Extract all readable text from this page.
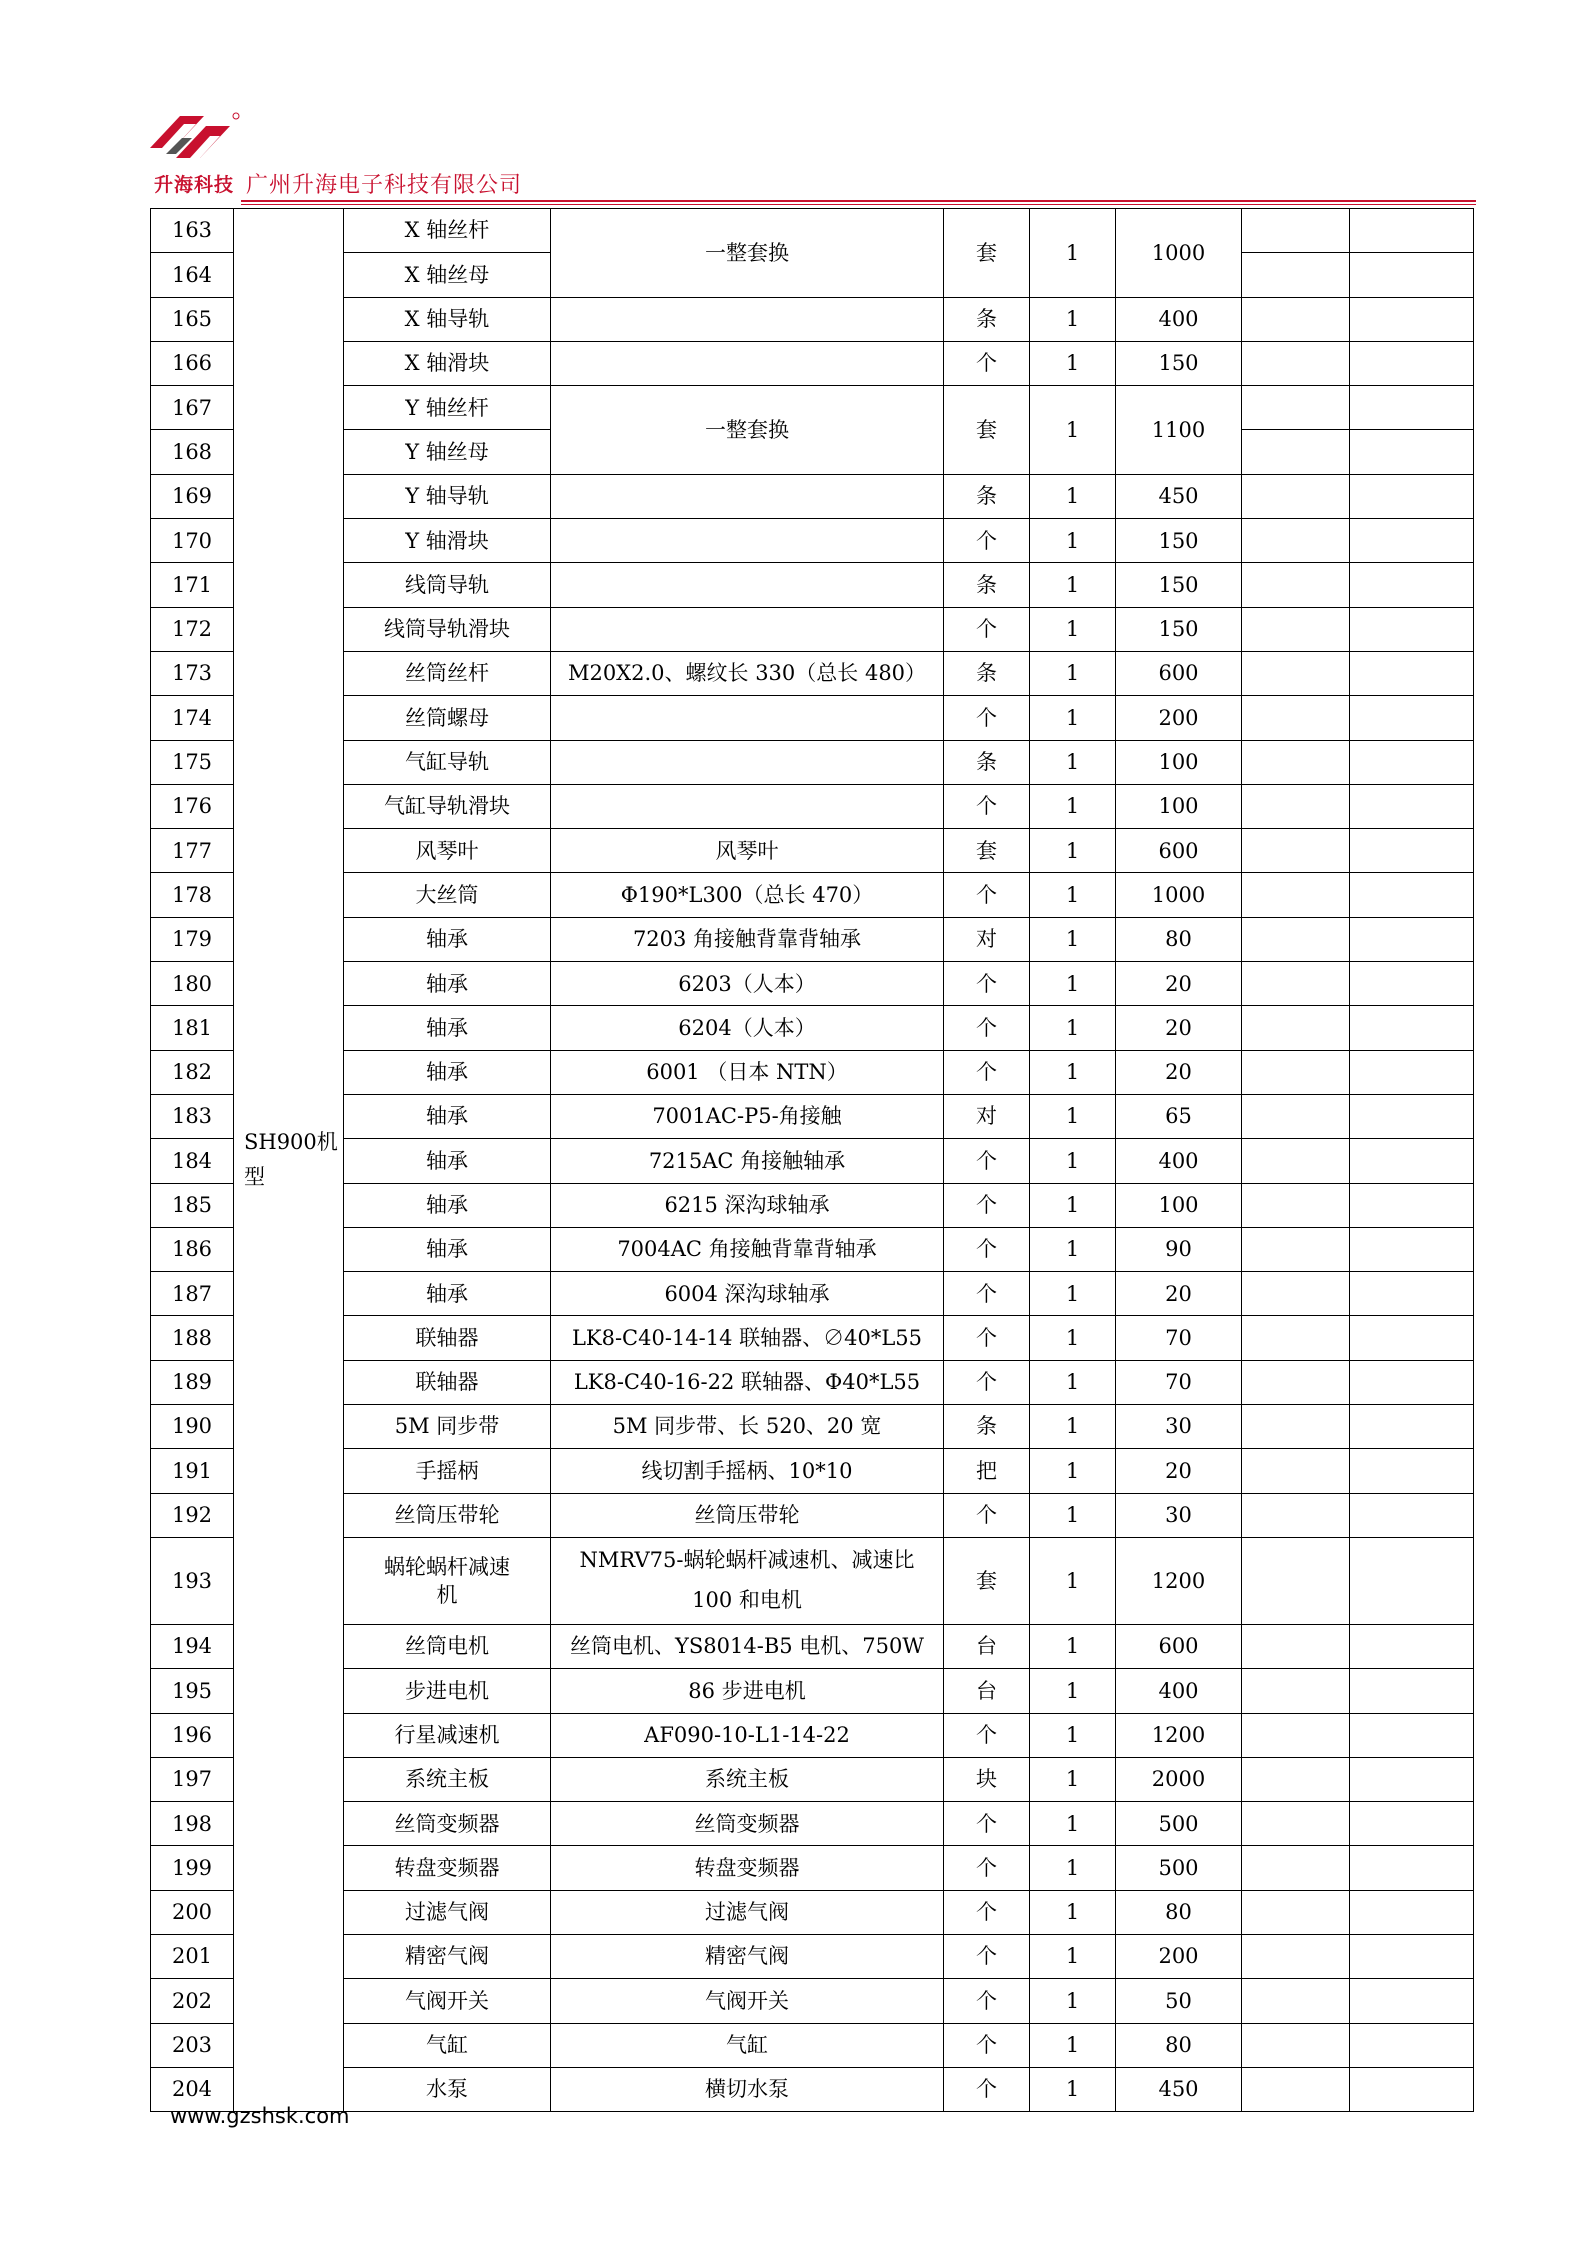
升海科技 广州升海电子科技有限公司
163	SH900机型	X 轴丝杆	一整套换	套	1	1000		
164		X 轴丝母						
165		X 轴导轨		条	1	400		
166		X 轴滑块		个	1	150		
167		Y 轴丝杆	一整套换	套	1	1100		
168		Y 轴丝母						
169		Y 轴导轨		条	1	450		
170		Y 轴滑块		个	1	150		
171		线筒导轨		条	1	150		
172		线筒导轨滑块		个	1	150		
173		丝筒丝杆	M20X2.0、螺纹长 330（总长 480）	条	1	600		
174		丝筒螺母		个	1	200		
175		气缸导轨		条	1	100		
176		气缸导轨滑块		个	1	100		
177		风琴叶	风琴叶	套	1	600		
178		大丝筒	Φ190*L300（总长 470）	个	1	1000		
179		轴承	7203 角接触背靠背轴承	对	1	80		
180		轴承	6203（人本）	个	1	20		
181		轴承	6204（人本）	个	1	20		
182		轴承	6001 （日本 NTN）	个	1	20		
183		轴承	7001AC-P5-角接触	对	1	65		
184		轴承	7215AC 角接触轴承	个	1	400		
185		轴承	6215 深沟球轴承	个	1	100		
186		轴承	7004AC 角接触背靠背轴承	个	1	90		
187		轴承	6004 深沟球轴承	个	1	20		
188		联轴器	LK8-C40-14-14 联轴器、∅40*L55	个	1	70		
189		联轴器	LK8-C40-16-22 联轴器、Φ40*L55	个	1	70		
190		5M 同步带	5M 同步带、长 520、20 宽	条	1	30		
191		手摇柄	线切割手摇柄、10*10	把	1	20		
192		丝筒压带轮	丝筒压带轮	个	1	30		
193		蜗轮蜗杆减速机	NMRV75-蜗轮蜗杆减速机、减速比 100 和电机	套	1	1200		
194		丝筒电机	丝筒电机、YS8014-B5 电机、750W	台	1	600		
195		步进电机	86 步进电机	台	1	400		
196		行星减速机	AF090-10-L1-14-22	个	1	1200		
197		系统主板	系统主板	块	1	2000		
198		丝筒变频器	丝筒变频器	个	1	500		
199		转盘变频器	转盘变频器	个	1	500		
200		过滤气阀	过滤气阀	个	1	80		
201		精密气阀	精密气阀	个	1	200		
202		气阀开关	气阀开关	个	1	50		
203		气缸	气缸	个	1	80		
204		水泵	横切水泵	个	1	450		
www.gzshsk.com
